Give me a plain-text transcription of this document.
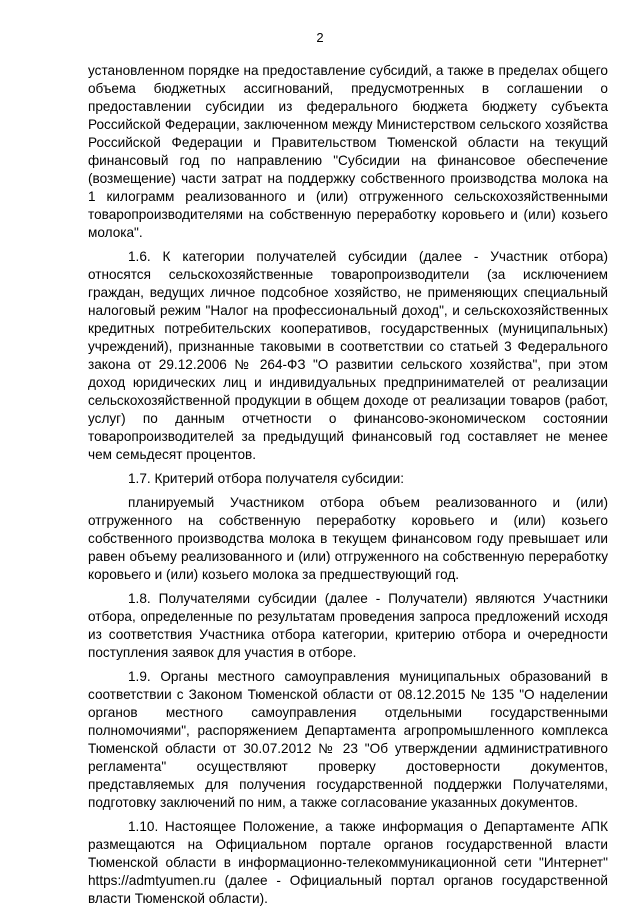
2

установленном порядке на предоставление субсидий, а также в пределах общего объема бюджетных ассигнований, предусмотренных в соглашении о предоставлении субсидии из федерального бюджета бюджету субъекта Российской Федерации, заключенном между Министерством сельского хозяйства Российской Федерации и Правительством Тюменской области на текущий финансовый год по направлению "Субсидии на финансовое обеспечение (возмещение) части затрат на поддержку собственного производства молока на 1 килограмм реализованного и (или) отгруженного сельскохозяйственными товаропроизводителями на собственную переработку коровьего и (или) козьего молока".

1.6. К категории получателей субсидии (далее - Участник отбора) относятся сельскохозяйственные товаропроизводители (за исключением граждан, ведущих личное подсобное хозяйство, не применяющих специальный налоговый режим "Налог на профессиональный доход", и сельскохозяйственных кредитных потребительских кооперативов, государственных (муниципальных) учреждений), признанные таковыми в соответствии со статьей 3 Федерального закона от 29.12.2006 № 264-ФЗ "О развитии сельского хозяйства", при этом доход юридических лиц и индивидуальных предпринимателей от реализации сельскохозяйственной продукции в общем доходе от реализации товаров (работ, услуг) по данным отчетности о финансово-экономическом состоянии товаропроизводителей за предыдущий финансовый год составляет не менее чем семьдесят процентов.

1.7. Критерий отбора получателя субсидии:

планируемый Участником отбора объем реализованного и (или) отгруженного на собственную переработку коровьего и (или) козьего собственного производства молока в текущем финансовом году превышает или равен объему реализованного и (или) отгруженного на собственную переработку коровьего и (или) козьего молока за предшествующий год.

1.8. Получателями субсидии (далее - Получатели) являются Участники отбора, определенные по результатам проведения запроса предложений исходя из соответствия Участника отбора категории, критерию отбора и очередности поступления заявок для участия в отборе.

1.9. Органы местного самоуправления муниципальных образований в соответствии с Законом Тюменской области от 08.12.2015 № 135 "О наделении органов местного самоуправления отдельными государственными полномочиями", распоряжением Департамента агропромышленного комплекса Тюменской области от 30.07.2012 № 23 "Об утверждении административного регламента" осуществляют проверку достоверности документов, представляемых для получения государственной поддержки Получателями, подготовку заключений по ним, а также согласование указанных документов.

1.10. Настоящее Положение, а также информация о Департаменте АПК размещаются на Официальном портале органов государственной власти Тюменской области в информационно-телекоммуникационной сети "Интернет" https://admtyumen.ru (далее - Официальный портал органов государственной власти Тюменской области).
